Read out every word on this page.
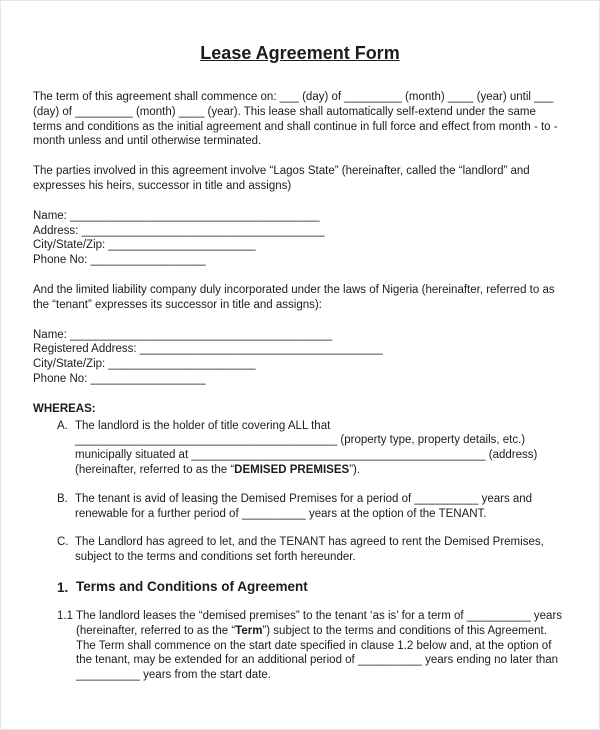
Lease Agreement Form

The term of this agreement shall commence on: ___ (day) of _________ (month) ____ (year) until ___ (day) of _________ (month) ____ (year). This lease shall automatically self-extend under the same terms and conditions as the initial agreement and shall continue in full force and effect from month - to - month unless and until otherwise terminated.

The parties involved in this agreement involve “Lagos State” (hereinafter, called the “landlord” and expresses his heirs, successor in title and assigns)

Name: _______________________________________
Address: ______________________________________
City/State/Zip: _______________________
Phone No: __________________

And the limited liability company duly incorporated under the laws of Nigeria (hereinafter, referred to as the “tenant” expresses its successor in title and assigns):

Name: _________________________________________
Registered Address: ______________________________________
City/State/Zip: _______________________
Phone No: __________________
WHEREAS:
A. The landlord is the holder of title covering ALL that
_________________________________________ (property type, property details, etc.)
municipally situated at ______________________________________________ (address)
(hereinafter, referred to as the “DEMISED PREMISES”).
B. The tenant is avid of leasing the Demised Premises for a period of __________ years and renewable for a further period of __________ years at the option of the TENANT.
C. The Landlord has agreed to let, and the TENANT has agreed to rent the Demised Premises, subject to the terms and conditions set forth hereunder.
1. Terms and Conditions of Agreement
1.1 The landlord leases the “demised premises” to the tenant ‘as is’ for a term of __________ years (hereinafter, referred to as the “Term”) subject to the terms and conditions of this Agreement. The Term shall commence on the start date specified in clause 1.2 below and, at the option of the tenant, may be extended for an additional period of __________ years ending no later than __________ years from the start date.
